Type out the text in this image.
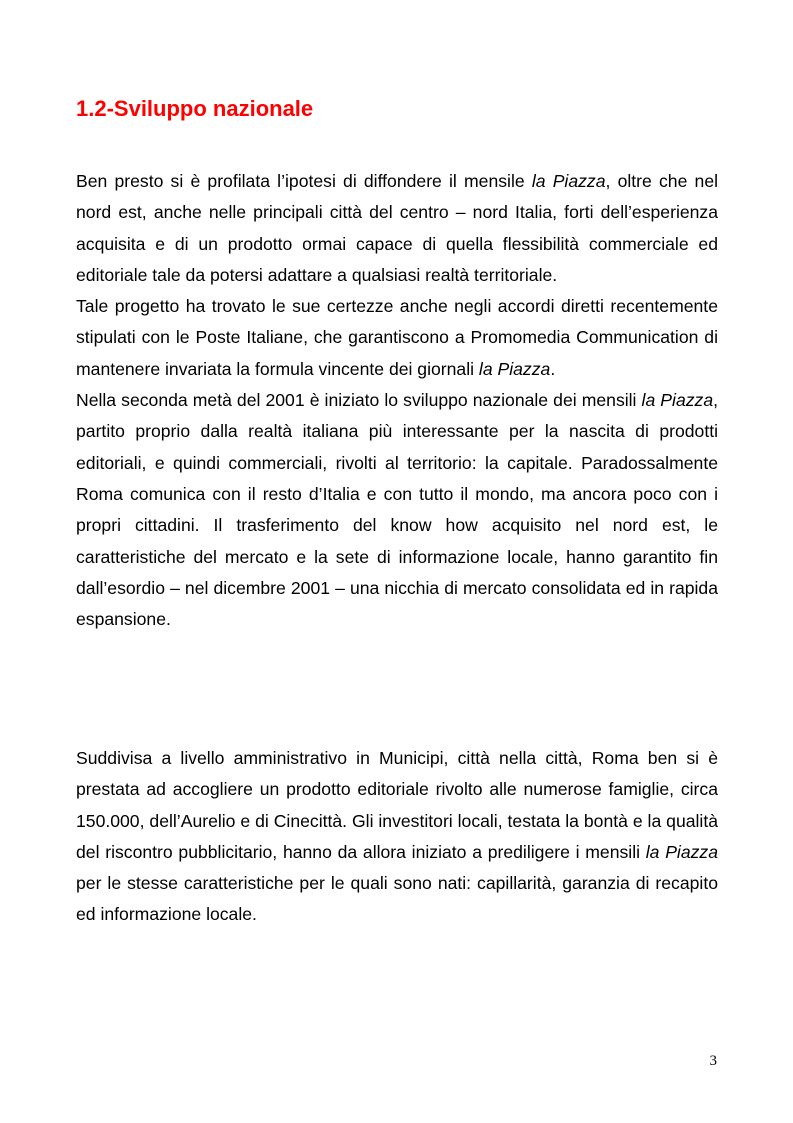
1.2-Sviluppo nazionale

Ben presto si è profilata l’ipotesi di diffondere il mensile la Piazza, oltre che nel nord est, anche nelle principali città del centro – nord Italia, forti dell’esperienza acquisita e di un prodotto ormai capace di quella flessibilità commerciale ed editoriale tale da potersi adattare a qualsiasi realtà territoriale.

Tale progetto ha trovato le sue certezze anche negli accordi diretti recentemente stipulati con le Poste Italiane, che garantiscono a Promomedia Communication di mantenere invariata la formula vincente dei giornali la Piazza.

Nella seconda metà del 2001 è iniziato lo sviluppo nazionale dei mensili la Piazza, partito proprio dalla realtà italiana più interessante per la nascita di prodotti editoriali, e quindi commerciali, rivolti al territorio: la capitale. Paradossalmente Roma comunica con il resto d’Italia e con tutto il mondo, ma ancora poco con i propri cittadini. Il trasferimento del know how acquisito nel nord est, le caratteristiche del mercato e la sete di informazione locale, hanno garantito fin dall’esordio – nel dicembre 2001 – una nicchia di mercato consolidata ed in rapida espansione.

Suddivisa a livello amministrativo in Municipi, città nella città, Roma ben si è prestata ad accogliere un prodotto editoriale rivolto alle numerose famiglie, circa 150.000, dell’Aurelio e di Cinecittà. Gli investitori locali, testata la bontà e la qualità del riscontro pubblicitario, hanno da allora iniziato a prediligere i mensili la Piazza per le stesse caratteristiche per le quali sono nati: capillarità, garanzia di recapito ed informazione locale.

3
